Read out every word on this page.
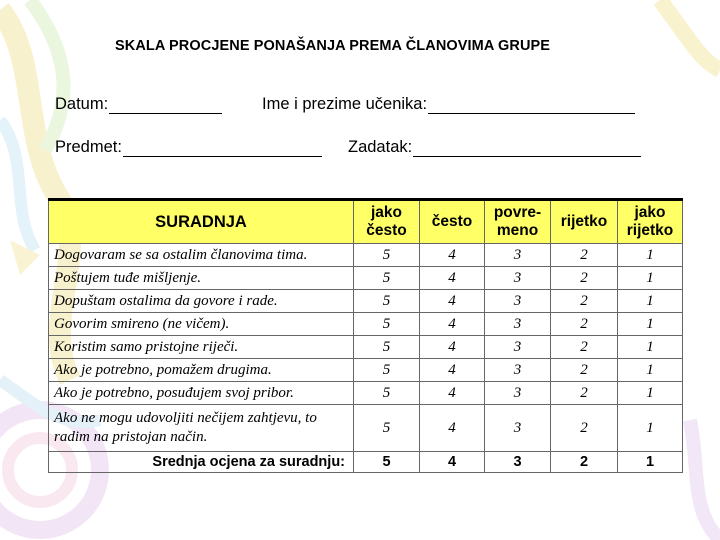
SKALA PROCJENE PONAŠANJA PREMA ČLANOVIMA GRUPE
Datum:	Ime i prezime učenika:
Predmet:	Zadatak:
SURADNJA	jako često	često	povre-meno	rijetko	jako rijetko
Dogovaram se sa ostalim članovima tima.	5	4	3	2	1
Poštujem tuđe mišljenje.	5	4	3	2	1
Dopuštam ostalima da govore i rade.	5	4	3	2	1
Govorim smireno (ne vičem).	5	4	3	2	1
Koristim samo pristojne riječi.	5	4	3	2	1
Ako je potrebno, pomažem drugima.	5	4	3	2	1
Ako je potrebno, posuđujem svoj pribor.	5	4	3	2	1
Ako ne mogu udovoljiti nečijem zahtjevu, to radim na pristojan način.	5	4	3	2	1
Srednja ocjena za suradnju:	5	4	3	2	1
